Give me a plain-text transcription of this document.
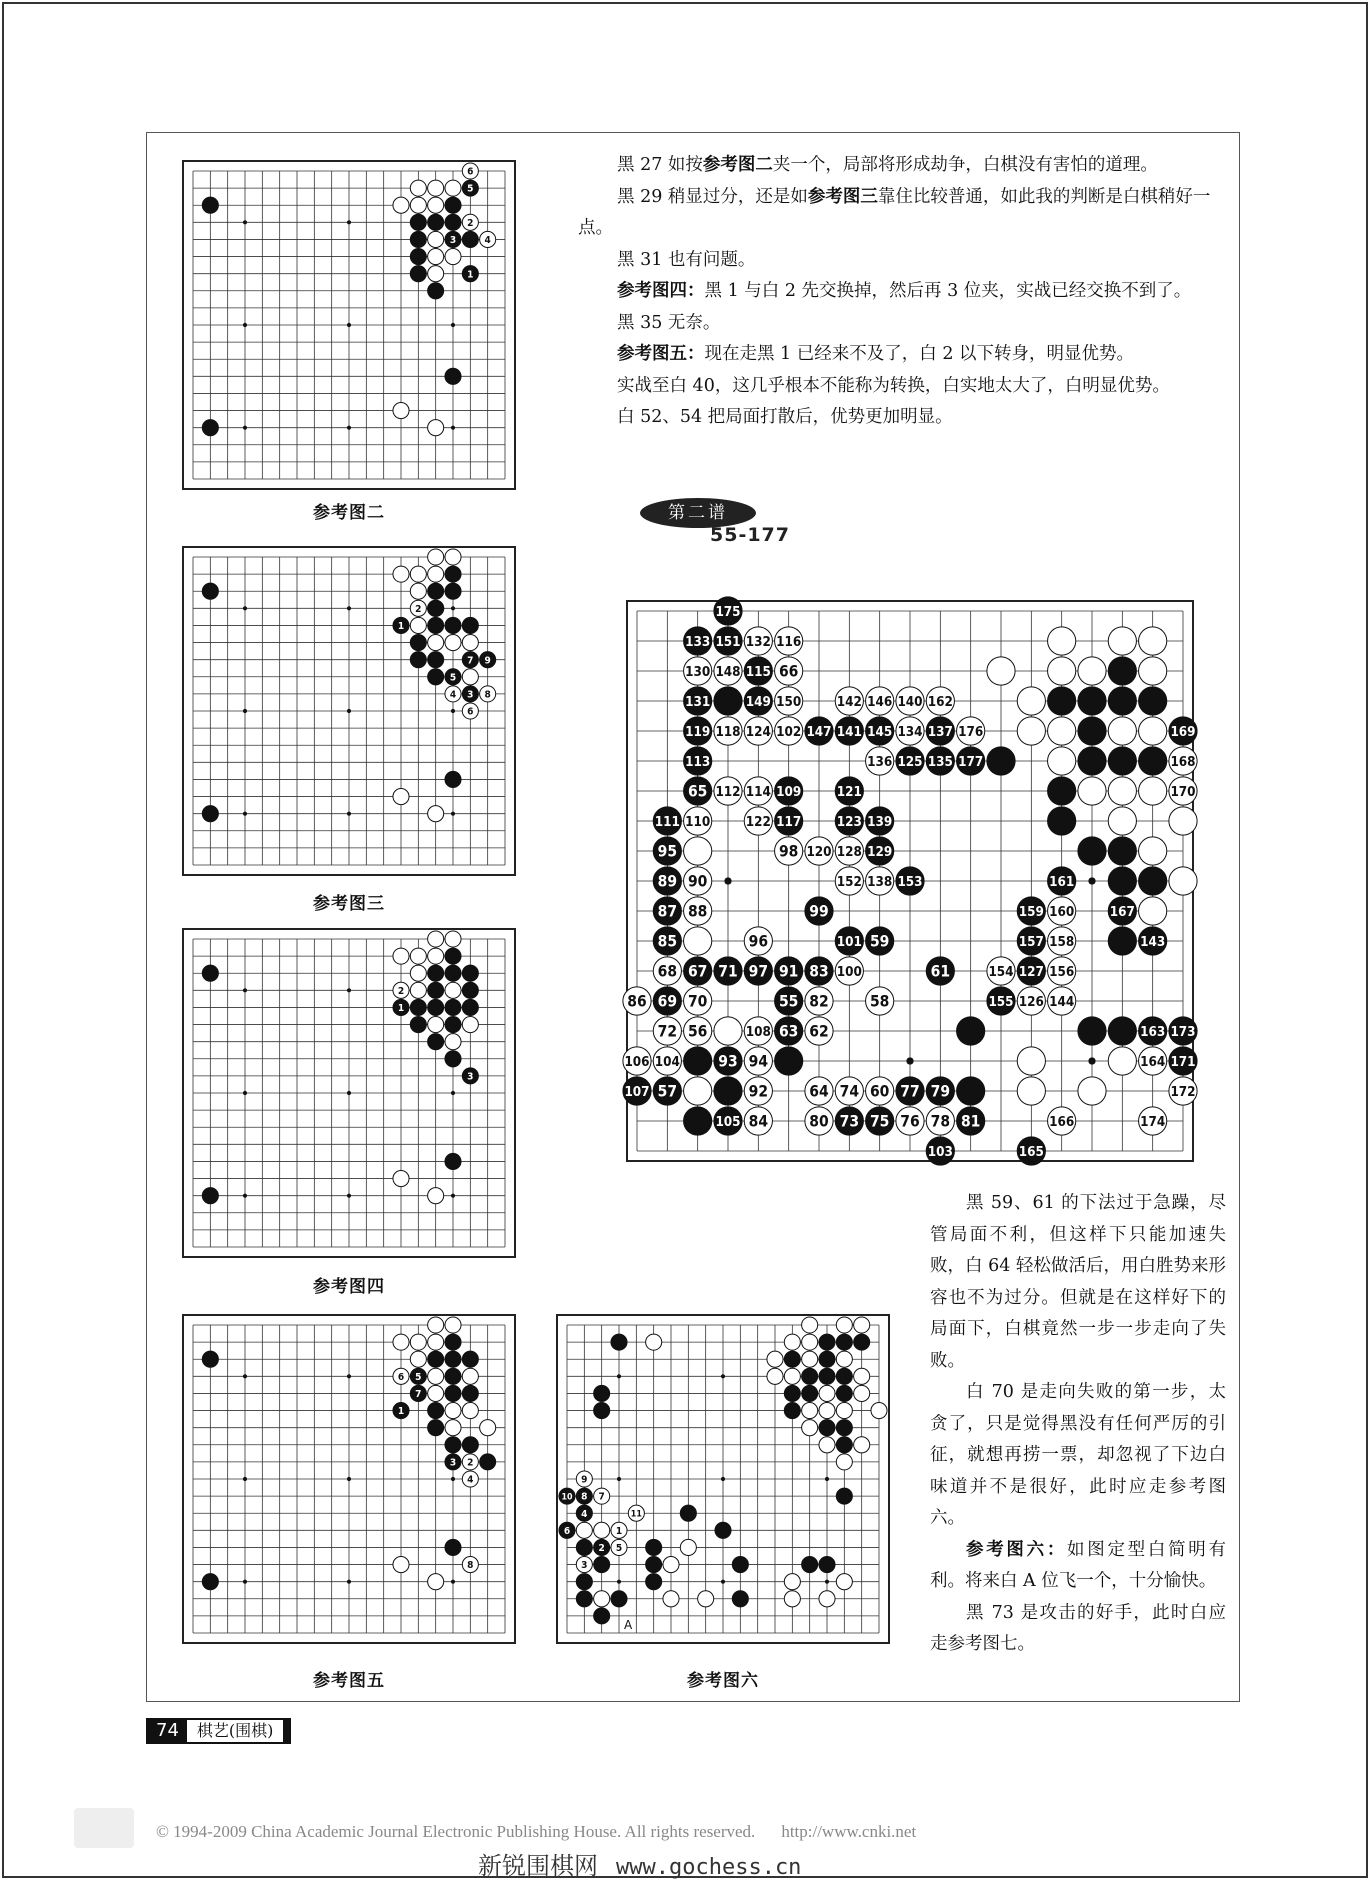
6
5
2
3	4
1
参考图二
2
1
7 9
5
4 3 8
6
参考图三
2
1
3
参考图四
6 5
7
1
3 2
4
8
参考图五
9
10 8 7
4	11
6	1
2 5
3
A
参考图六

黑 27 如按参考图二夹一个，局部将形成劫争，白棋没有害怕的道理。

黑 29 稍显过分，还是如参考图三靠住比较普通，如此我的判断是白棋稍好一点。

黑 31 也有问题。

参考图四：黑 1 与白 2 先交换掉，然后再 3 位夹，实战已经交换不到了。

黑 35 无奈。

参考图五：现在走黑 1 已经来不及了，白 2 以下转身，明显优势。

实战至白 40，这几乎根本不能称为转换，白实地太大了，白明显优势。

白 52、54 把局面打散后，优势更加明显。

第二谱
55-177
175
133 151 132 116
130 148 115 66
131	149 150	142 146 140 162
119 118 124 102 147 141 145 134 137 176
113	136 125 135 177
65 112 114 109	121
111 110	122 117	123 139
95	98 120 128 129
89 90	152 138 153
87 88	99
85	96	101 59
68 67 71 97 91 83 100	61
86 69 70	55 82	58
72 56	108 63 62
106 104 93 94
107 57	92	64 74 60 77 79
105 84	80 73 75 76 78 81	166	174
103	165
169
168
170
161
159 160	167
157 158	143
154 127 156
155 126 144
163 173
164 171
172

黑 59、61 的下法过于急躁，尽管局面不利，但这样下只能加速失败，白 64 轻松做活后，用白胜势来形容也不为过分。但就是在这样好下的局面下，白棋竟然一步一步走向了失败。

白 70 是走向失败的第一步，太贪了，只是觉得黑没有任何严厉的引征，就想再捞一票，却忽视了下边白味道并不是很好，此时应走参考图六。

参考图六：如图定型白简明有利。将来白 A 位飞一个，十分愉快。

黑 73 是攻击的好手，此时白应走参考图七。

74	棋艺(围棋)
© 1994-2009 China Academic Journal Electronic Publishing House. All rights reserved. http://www.cnki.net
新锐围棋网 www.gochess.cn
